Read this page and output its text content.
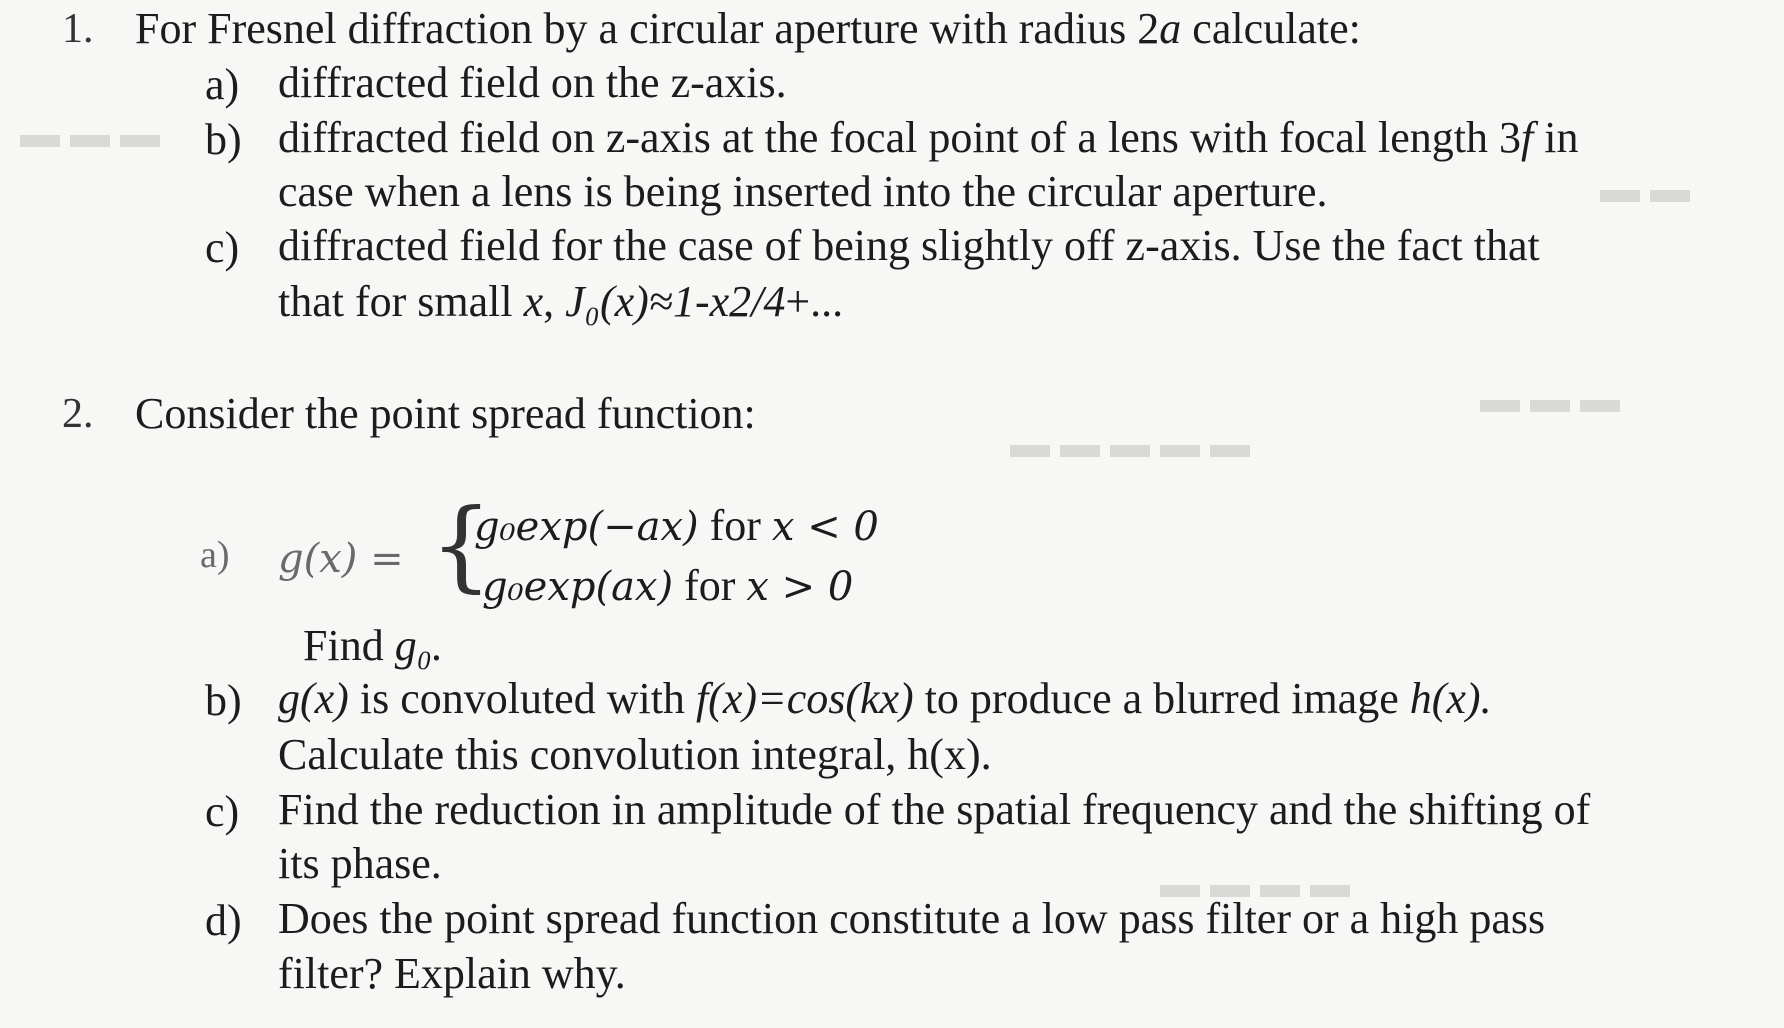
▬ ▬ ▬
▬ ▬
▬ ▬ ▬
▬ ▬ ▬ ▬ ▬
▬ ▬ ▬ ▬
1. For Fresnel diffraction by a circular aperture with radius 2a calculate:
a) diffracted field on the z-axis.
b) diffracted field on z-axis at the focal point of a lens with focal length 3f in
case when a lens is being inserted into the circular aperture.
c) diffracted field for the case of being slightly off z-axis. Use the fact that
that for small x, J₀(x)≈1-x2/4+...
2. Consider the point spread function:
a) g(x) = {
g₀exp(−ax) for x < 0
g₀exp(ax) for x > 0
Find g₀.
b) g(x) is convoluted with f(x)=cos(kx) to produce a blurred image h(x).
Calculate this convolution integral, h(x).
c) Find the reduction in amplitude of the spatial frequency and the shifting of
its phase.
d) Does the point spread function constitute a low pass filter or a high pass
filter? Explain why.
